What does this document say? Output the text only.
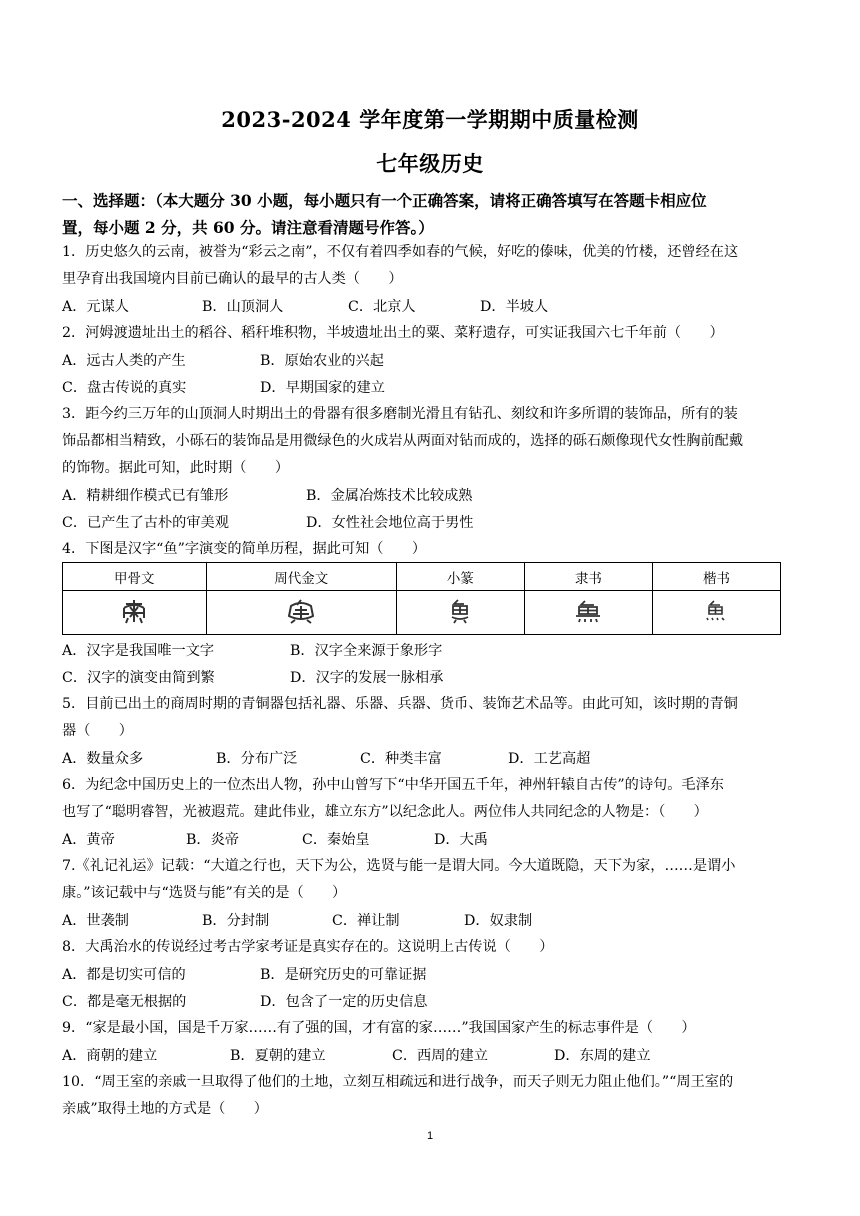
2023-2024 学年度第一学期期中质量检测
七年级历史
一、选择题：（本大题分 30 小题，每小题只有一个正确答案，请将正确答填写在答题卡相应位 置，每小题 2 分，共 60 分。请注意看清题号作答。）
1．历史悠久的云南，被誉为“彩云之南”，不仅有着四季如春的气候，好吃的傣味，优美的竹楼，还曾经在这
里孕育出我国境内目前已确认的最早的古人类（　　）
A．元谋人	B．山顶洞人	C．北京人	D．半坡人
2．河姆渡遗址出土的稻谷、稻秆堆积物，半坡遗址出土的粟、菜籽遗存，可实证我国六七千年前（　　）
A．远古人类的产生	B．原始农业的兴起
C．盘古传说的真实	D．早期国家的建立
3．距今约三万年的山顶洞人时期出土的骨器有很多磨制光滑且有钻孔、刻纹和许多所谓的装饰品，所有的装
饰品都相当精致，小砾石的装饰品是用微绿色的火成岩从两面对钻而成的，选择的砾石颇像现代女性胸前配戴
的饰物。据此可知，此时期（　　）
A．精耕细作模式已有雏形	B．金属冶炼技术比较成熟
C．已产生了古朴的审美观	D．女性社会地位高于男性
4．下图是汉字“鱼”字演变的简单历程，据此可知（　　）
甲骨文	周代金文	小篆	隶书	楷书

A．汉字是我国唯一文字	B．汉字全来源于象形字
C．汉字的演变由简到繁	D．汉字的发展一脉相承
5．目前已出土的商周时期的青铜器包括礼器、乐器、兵器、货币、装饰艺术品等。由此可知，该时期的青铜
器（　　）
A．数量众多	B．分布广泛	C．种类丰富	D．工艺高超
6．为纪念中国历史上的一位杰出人物，孙中山曾写下“中华开国五千年，神州轩辕自古传”的诗句。毛泽东
也写了“聪明睿智，光被遐荒。建此伟业，雄立东方”以纪念此人。两位伟人共同纪念的人物是：（　　）
A．黄帝	B．炎帝	C．秦始皇	D．大禹
7.《礼记礼运》记载：“大道之行也，天下为公，选贤与能一是谓大同。今大道既隐，天下为家，……是谓小
康。”该记载中与“选贤与能”有关的是（　　）
A．世袭制	B．分封制	C．禅让制	D．奴隶制
8．大禹治水的传说经过考古学家考证是真实存在的。这说明上古传说（　　）
A．都是切实可信的	B．是研究历史的可靠证据
C．都是毫无根据的	D．包含了一定的历史信息
9．“家是最小国，国是千万家……有了强的国，才有富的家……”我国国家产生的标志事件是（　　）
A．商朝的建立	B．夏朝的建立	C．西周的建立	D．东周的建立
10．“周王室的亲戚一旦取得了他们的土地，立刻互相疏远和进行战争，而天子则无力阻止他们。”“周王室的
亲戚”取得土地的方式是（　　）
1
